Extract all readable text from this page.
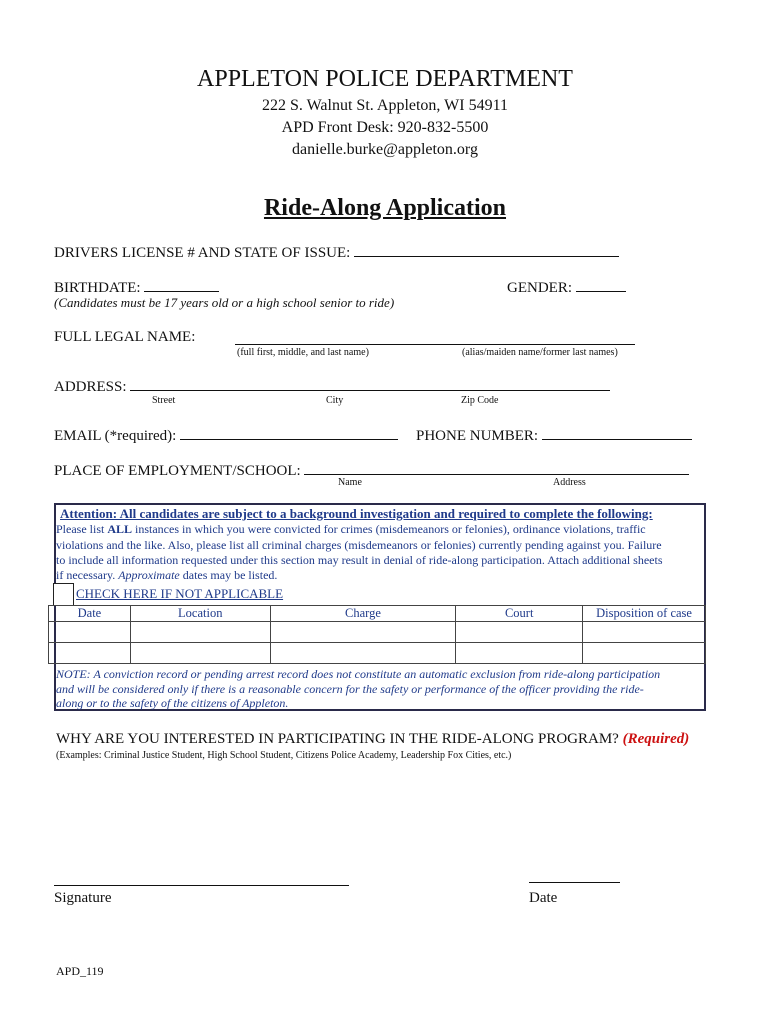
APPLETON POLICE DEPARTMENT
222 S. Walnut St. Appleton, WI 54911
APD Front Desk: 920-832-5500
danielle.burke@appleton.org
Ride-Along Application
DRIVERS LICENSE # AND STATE OF ISSUE:
BIRTHDATE:	GENDER:
(Candidates must be 17 years old or a high school senior to ride)
FULL LEGAL NAME:
(full first, middle, and last name)	(alias/maiden name/former last names)
ADDRESS:
Street	City	Zip Code
EMAIL (*required):	PHONE NUMBER:
PLACE OF EMPLOYMENT/SCHOOL:
Name	Address
Attention: All candidates are subject to a background investigation and required to complete the following:
Please list ALL instances in which you were convicted for crimes (misdemeanors or felonies), ordinance violations, traffic
violations and the like. Also, please list all criminal charges (misdemeanors or felonies) currently pending against you. Failure
to include all information requested under this section may result in denial of ride-along participation. Attach additional sheets
if necessary. Approximate dates may be listed.
CHECK HERE IF NOT APPLICABLE
Date	Location	Charge	Court	Disposition of case

NOTE: A conviction record or pending arrest record does not constitute an automatic exclusion from ride-along participation
and will be considered only if there is a reasonable concern for the safety or performance of the officer providing the ride-
along or to the safety of the citizens of Appleton.
WHY ARE YOU INTERESTED IN PARTICIPATING IN THE RIDE-ALONG PROGRAM? (Required)
(Examples: Criminal Justice Student, High School Student, Citizens Police Academy, Leadership Fox Cities, etc.)
Signature	Date
APD_119
